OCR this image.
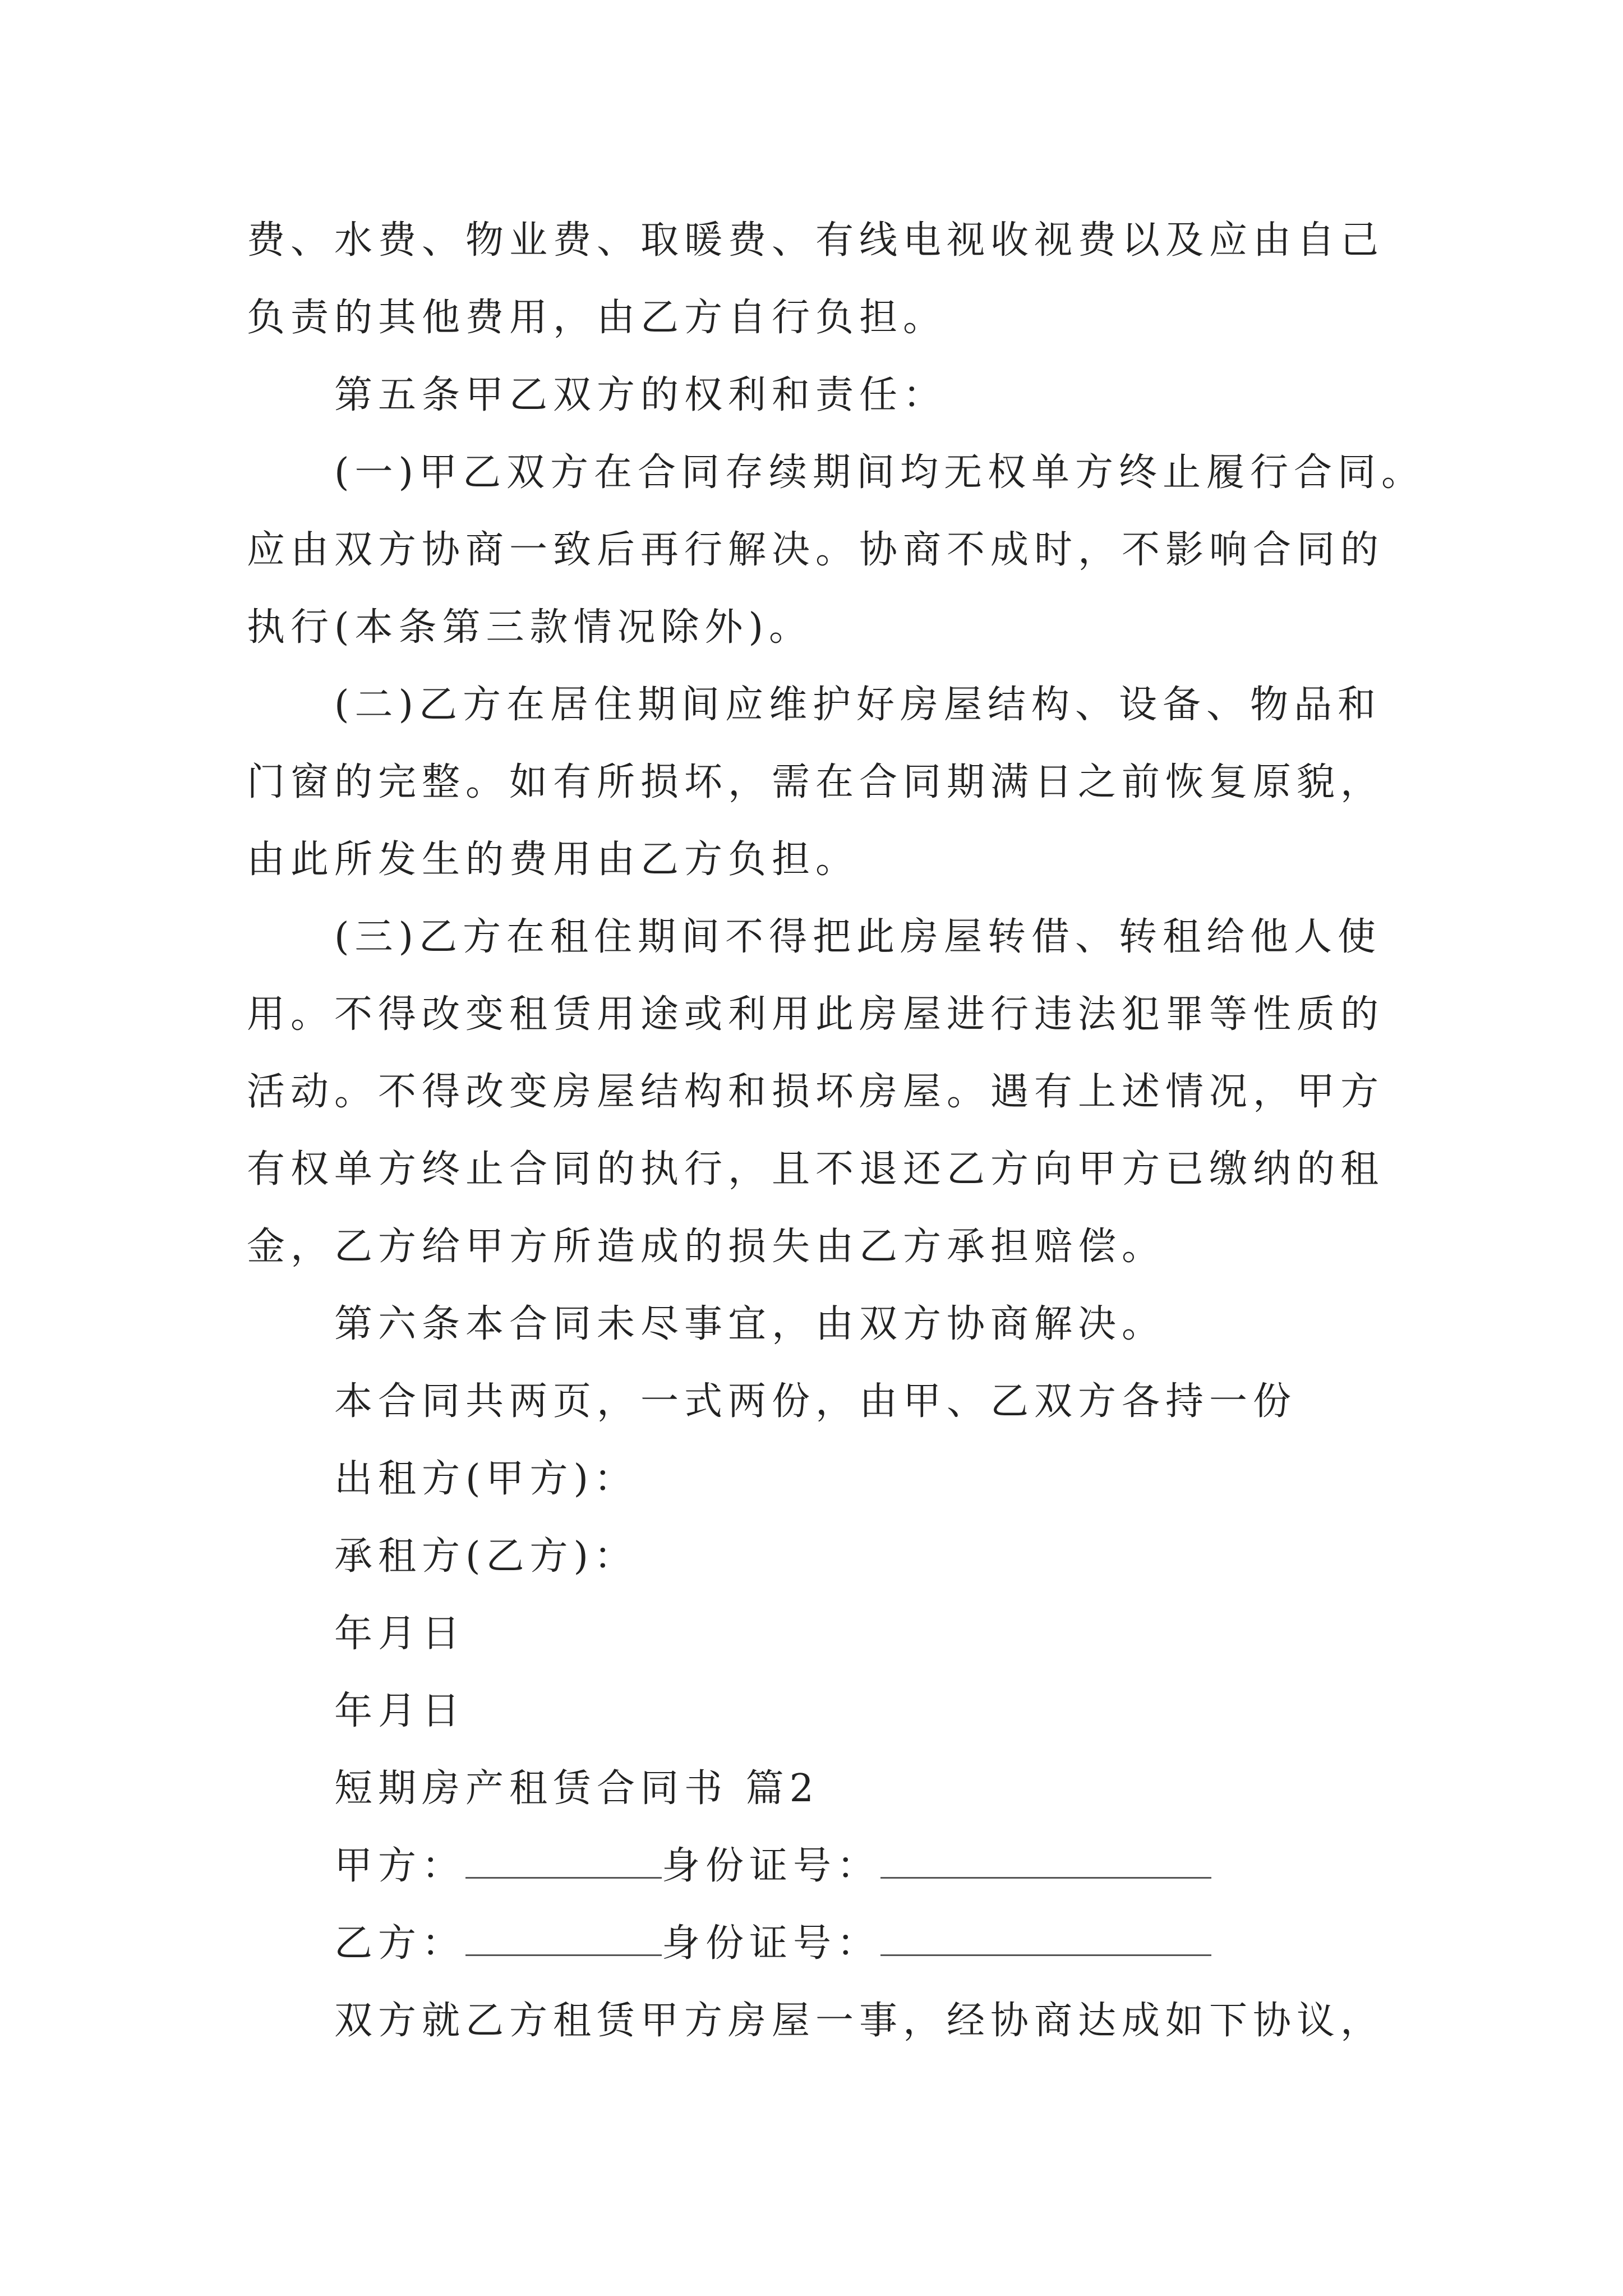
费、水费、物业费、取暖费、有线电视收视费以及应由自己

负责的其他费用，由乙方自行负担。

第五条甲乙双方的权利和责任：

(一)甲乙双方在合同存续期间均无权单方终止履行合同。

应由双方协商一致后再行解决。协商不成时，不影响合同的

执行(本条第三款情况除外)。

(二)乙方在居住期间应维护好房屋结构、设备、物品和

门窗的完整。如有所损坏，需在合同期满日之前恢复原貌，

由此所发生的费用由乙方负担。

(三)乙方在租住期间不得把此房屋转借、转租给他人使

用。不得改变租赁用途或利用此房屋进行违法犯罪等性质的

活动。不得改变房屋结构和损坏房屋。遇有上述情况，甲方

有权单方终止合同的执行，且不退还乙方向甲方已缴纳的租

金，乙方给甲方所造成的损失由乙方承担赔偿。

第六条本合同未尽事宜，由双方协商解决。

本合同共两页，一式两份，由甲、乙双方各持一份

出租方(甲方)：

承租方(乙方)：

年月日

年月日

短期房产租赁合同书 篇2

甲方：	身份证号：

乙方：	身份证号：

双方就乙方租赁甲方房屋一事，经协商达成如下协议，
